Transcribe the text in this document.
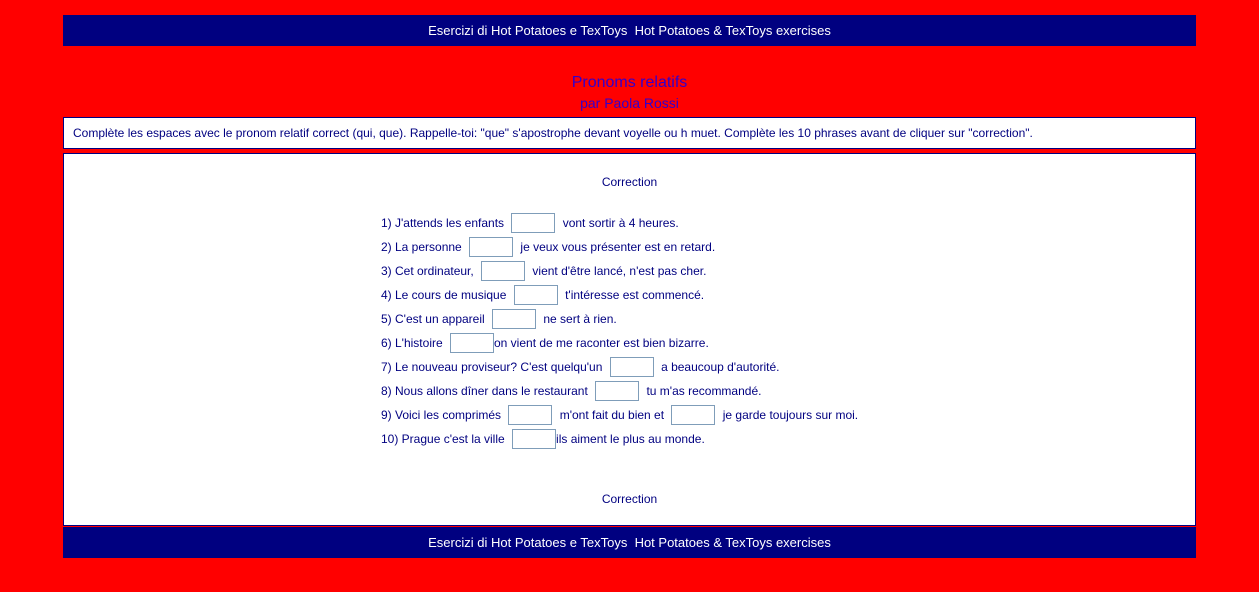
Esercizi di Hot Potatoes e TexToys
Hot Potatoes & TexToys exercises
Pronoms relatifs
par Paola Rossi
Complète les espaces avec le pronom relatif correct (qui, que). Rappelle-toi: "que" s'apostrophe devant voyelle ou h muet. Complète les 10 phrases avant de cliquer sur "correction".
Correction
1) J'attends les enfants	vont sortir à 4 heures.
2) La personne	je veux vous présenter est en retard.
3) Cet ordinateur,	vient d'être lancé, n'est pas cher.
4) Le cours de musique	t'intéresse est commencé.
5) C'est un appareil	ne sert à rien.
6) L'histoire	on vient de me raconter est bien bizarre.
7) Le nouveau proviseur? C'est quelqu'un	a beaucoup d'autorité.
8) Nous allons dîner dans le restaurant	tu m'as recommandé.
9) Voici les comprimés	m'ont fait du bien et	je garde toujours sur moi.
10) Prague c'est la ville	ils aiment le plus au monde.
Correction
Esercizi di Hot Potatoes e TexToys
Hot Potatoes & TexToys exercises
